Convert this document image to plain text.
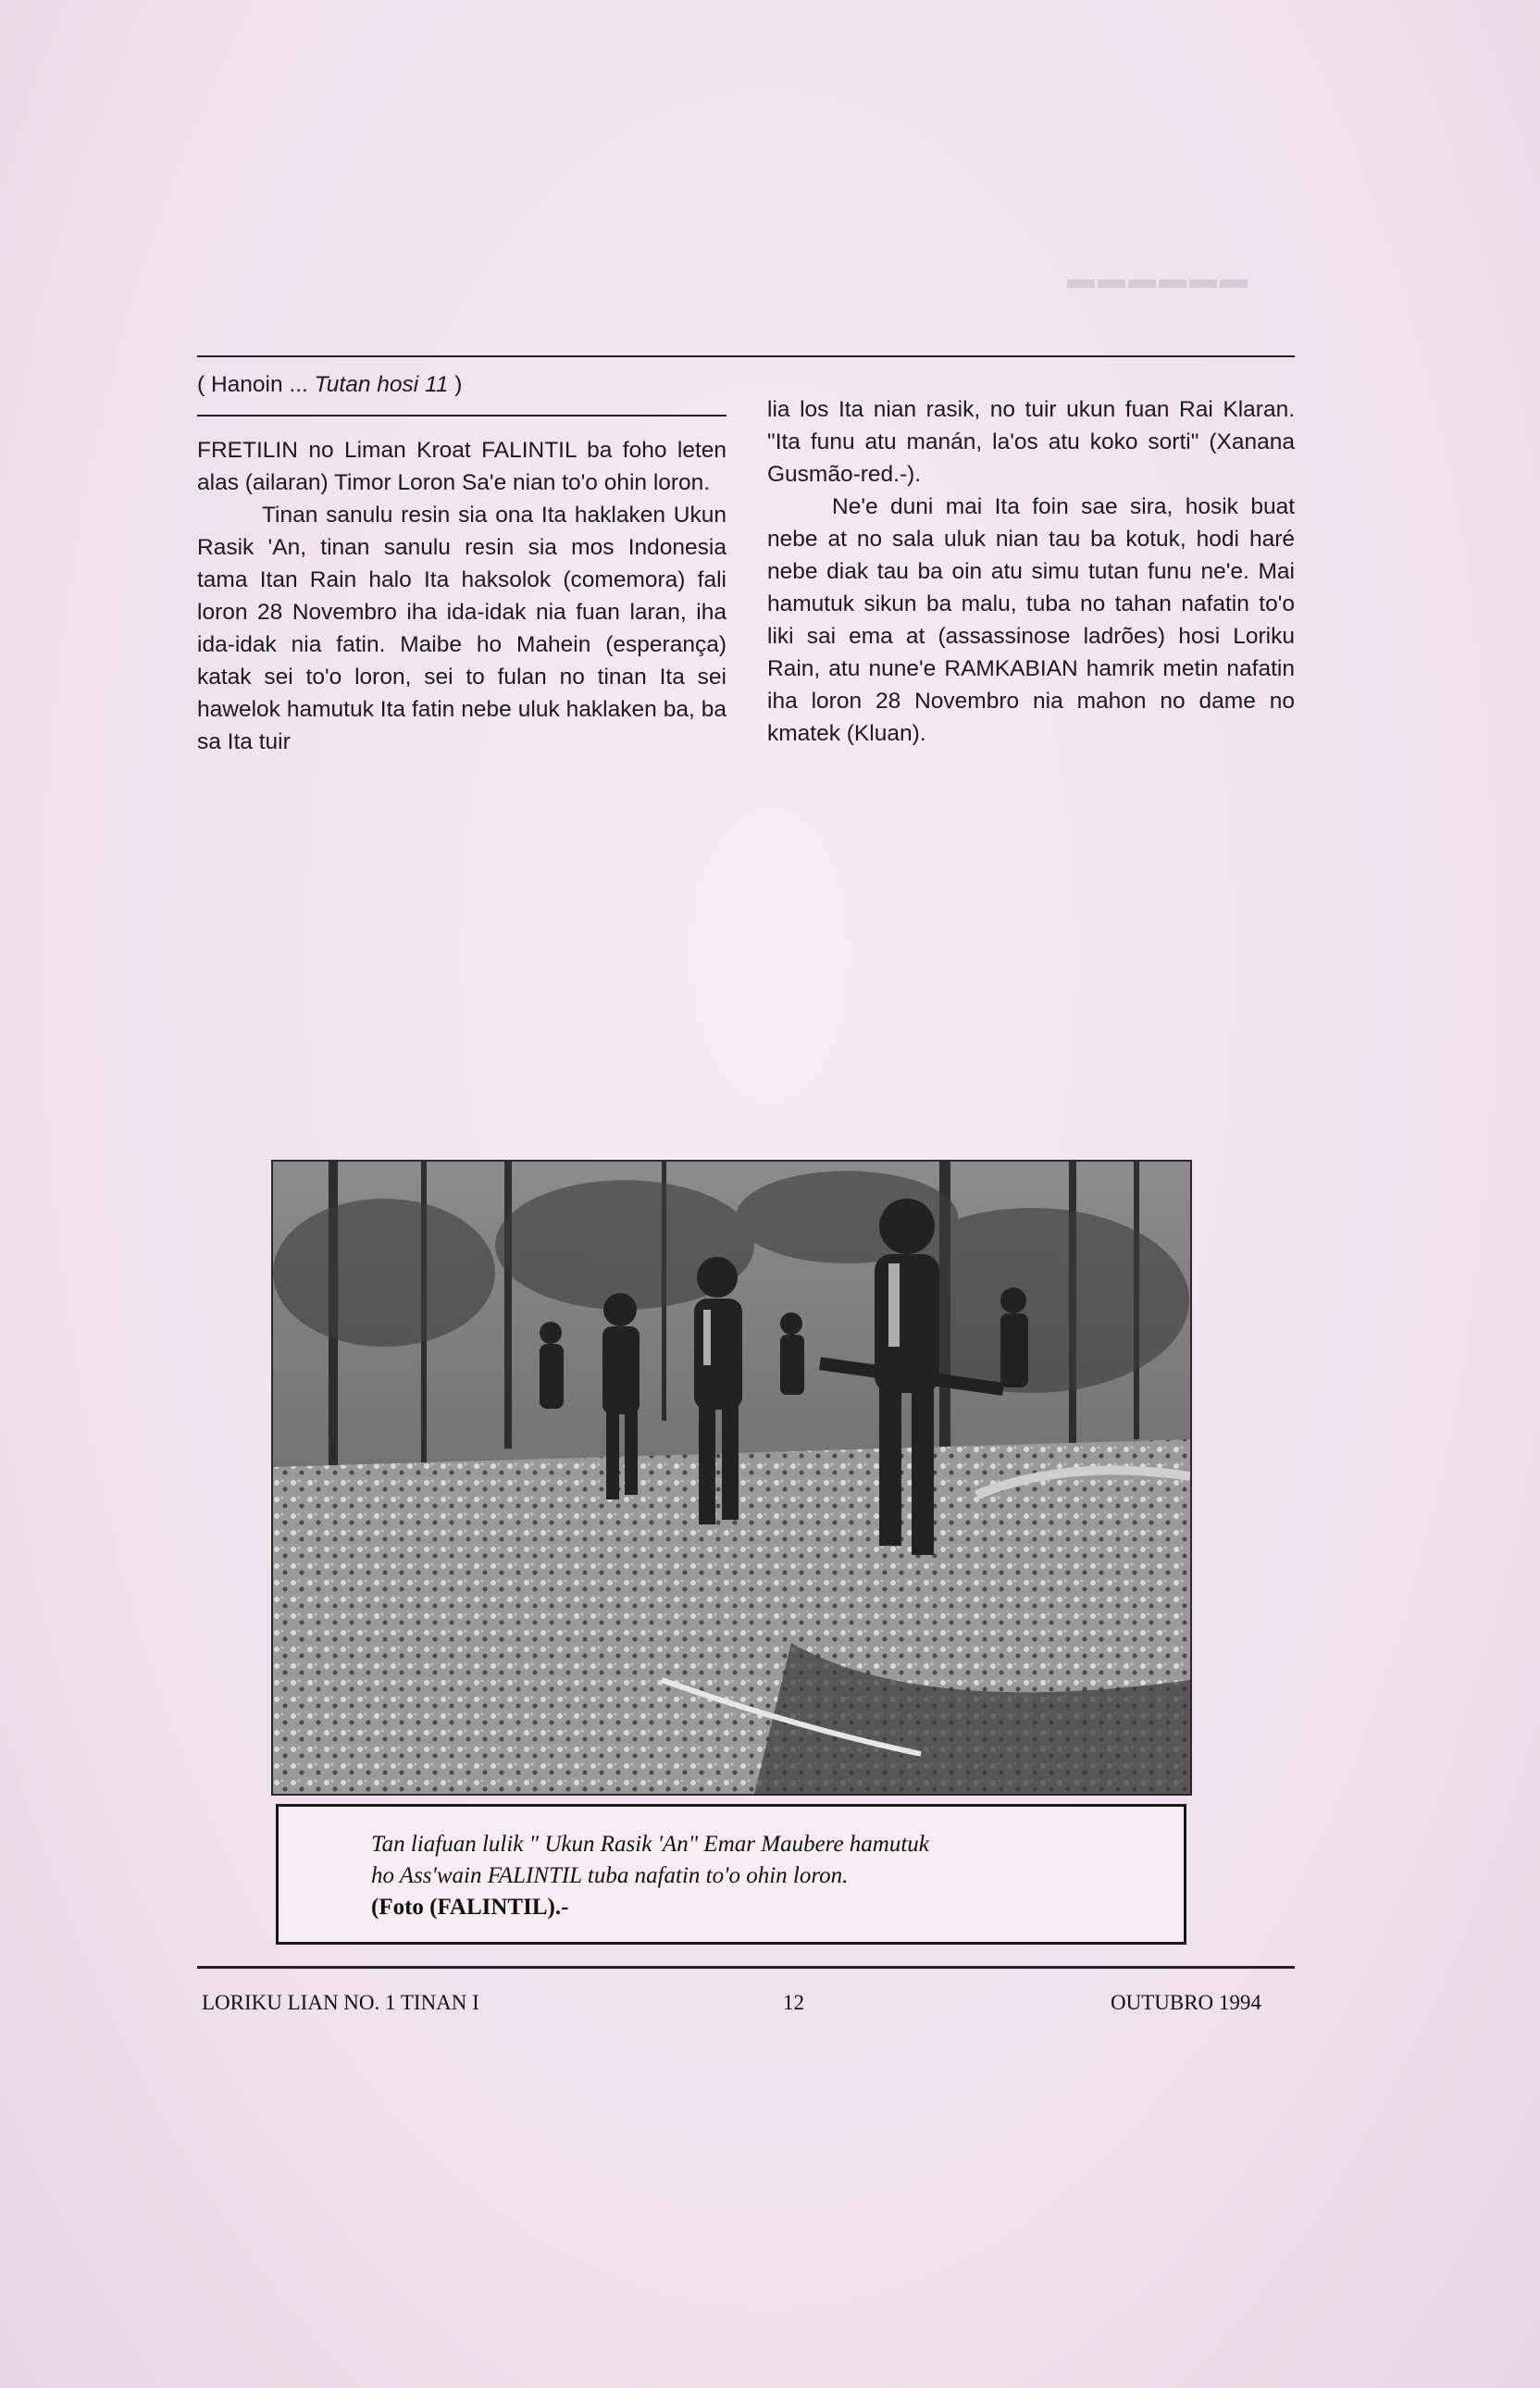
▬▬▬▬▬▬
( Hanoin ... Tutan hosi 11 )

FRETILIN no Liman Kroat FALINTIL ba foho leten alas (ailaran) Timor Loron Sa'e nian to'o ohin loron.

Tinan sanulu resin sia ona Ita haklaken Ukun Rasik 'An, tinan sanulu resin sia mos Indonesia tama Itan Rain halo Ita haksolok (comemora) fali loron 28 Novembro iha ida-idak nia fuan laran, iha ida-idak nia fatin. Maibe ho Mahein (esperança) katak sei to'o loron, sei to fulan no tinan Ita sei hawelok hamutuk Ita fatin nebe uluk haklaken ba, ba sa Ita tuir

lia los Ita nian rasik, no tuir ukun fuan Rai Klaran. "Ita funu atu manán, la'os atu koko sorti" (Xanana Gusmão-red.-).

Ne'e duni mai Ita foin sae sira, hosik buat nebe at no sala uluk nian tau ba kotuk, hodi haré nebe diak tau ba oin atu simu tutan funu ne'e. Mai hamutuk sikun ba malu, tuba no tahan nafatin to'o liki sai ema at (assassinose ladrões) hosi Loriku Rain, atu nune'e RAMKABIAN hamrik metin nafatin iha loron 28 Novembro nia mahon no dame no kmatek (Kluan).

Tan liafuan lulik " Ukun Rasik 'An" Emar Maubere hamutuk
ho Ass'wain FALINTIL tuba nafatin to'o ohin loron.
(Foto (FALINTIL).-
LORIKU LIAN NO. 1 TINAN I	12	OUTUBRO 1994
